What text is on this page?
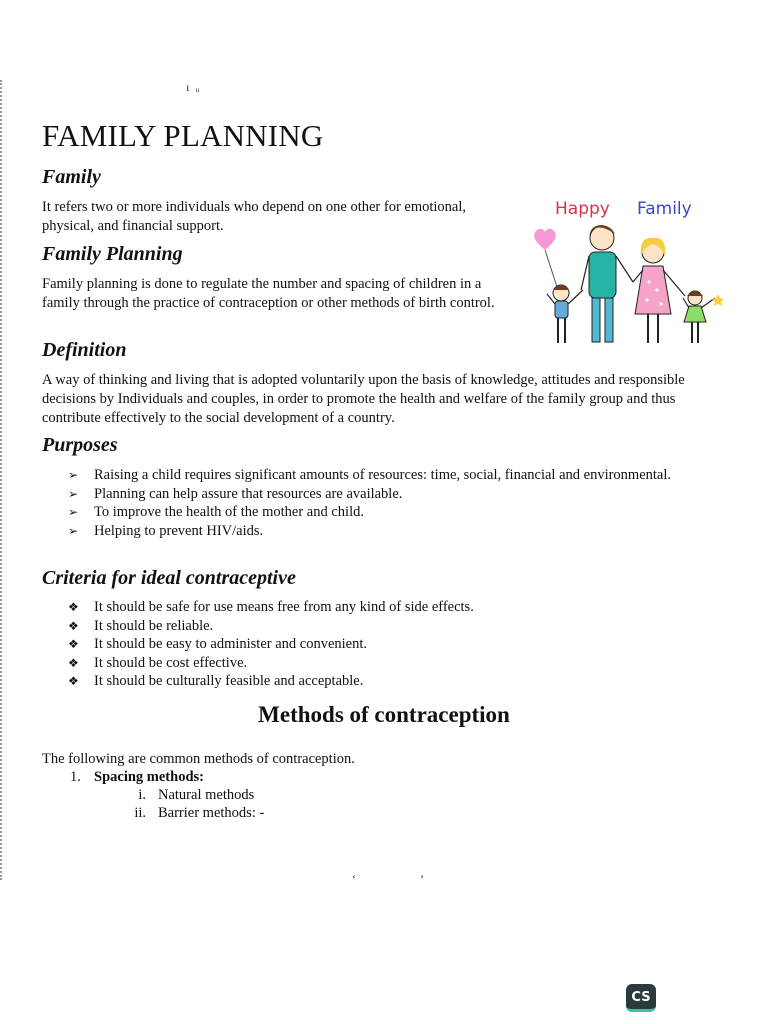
ı  ᵤ
FAMILY PLANNING
Family

It refers two or more individuals who depend on one other for emotional, physical, and financial support.

Family Planning

Family planning is done to regulate the number and spacing of children in a family through the practice of contraception or other methods of birth control.

Definition

A way of thinking and living that is adopted voluntarily upon the basis of knowledge, attitudes and responsible decisions by Individuals and couples, in order to promote the health and welfare of the family group and thus contribute effectively to the social development of a country.

Purposes
➢ Raising a child requires significant amounts of resources: time, social, financial and environmental.
➢ Planning can help assure that resources are available.
➢ To improve the health of the mother and child.
➢ Helping to prevent HIV/aids.
Criteria for ideal contraceptive
❖ It should be safe for use means free from any kind of side effects.
❖ It should be reliable.
❖ It should be easy to administer and convenient.
❖ It should be cost effective.
❖ It should be culturally feasible and acceptable.
Methods of contraception

The following are common methods of contraception.

1. Spacing methods:
i. Natural methods
ii. Barrier methods: -
‘	’
Happy Family
CS
